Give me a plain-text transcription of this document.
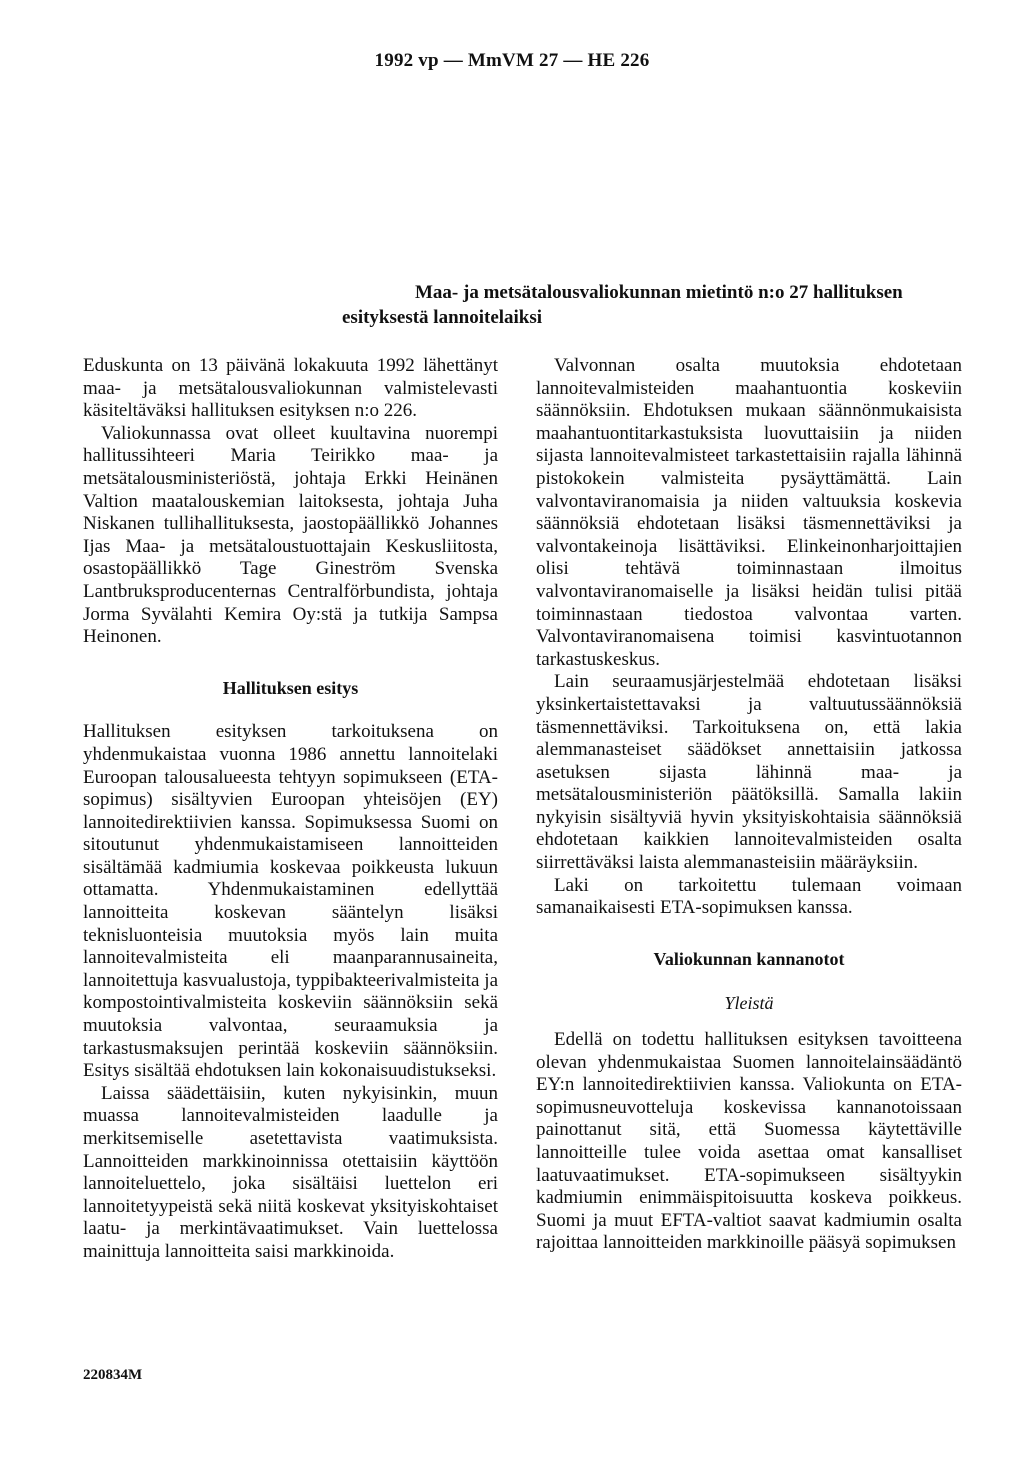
1992 vp — MmVM 27 — HE 226
Maa- ja metsätalousvaliokunnan mietintö n:o 27 hallituksen
esityksestä lannoitelaiksi

Eduskunta on 13 päivänä lokakuuta 1992 lähettänyt maa- ja metsätalousvaliokunnan valmistelevasti käsiteltäväksi hallituksen esityksen n:o 226.

Valiokunnassa ovat olleet kuultavina nuorempi hallitussihteeri Maria Teirikko maa- ja metsätalousministeriöstä, johtaja Erkki Heinänen Valtion maatalouskemian laitoksesta, johtaja Juha Niskanen tullihallituksesta, jaostopäällikkö Johannes Ijas Maa- ja metsätaloustuottajain Keskusliitosta, osastopäällikkö Tage Gineström Svenska Lantbruksproducenternas Centralförbundista, johtaja Jorma Syvälahti Kemira Oy:stä ja tutkija Sampsa Heinonen.

Hallituksen esitys

Hallituksen esityksen tarkoituksena on yhdenmukaistaa vuonna 1986 annettu lannoitelaki Euroopan talousalueesta tehtyyn sopimukseen (ETA-sopimus) sisältyvien Euroopan yhteisöjen (EY) lannoitedirektiivien kanssa. Sopimuksessa Suomi on sitoutunut yhdenmukaistamiseen lannoitteiden sisältämää kadmiumia koskevaa poikkeusta lukuun ottamatta. Yhdenmukaistaminen edellyttää lannoitteita koskevan sääntelyn lisäksi teknisluonteisia muutoksia myös lain muita lannoitevalmisteita eli maanparannusaineita, lannoitettuja kasvualustoja, typpibakteerivalmisteita ja kompostointivalmisteita koskeviin säännöksiin sekä muutoksia valvontaa, seuraamuksia ja tarkastusmaksujen perintää koskeviin säännöksiin. Esitys sisältää ehdotuksen lain kokonaisuudistukseksi.

Laissa säädettäisiin, kuten nykyisinkin, muun muassa lannoitevalmisteiden laadulle ja merkitsemiselle asetettavista vaatimuksista. Lannoitteiden markkinoinnissa otettaisiin käyttöön lannoiteluettelo, joka sisältäisi luettelon eri lannoitetyypeistä sekä niitä koskevat yksityiskohtaiset laatu- ja merkintävaatimukset. Vain luettelossa mainittuja lannoitteita saisi markkinoida.

Valvonnan osalta muutoksia ehdotetaan lannoitevalmisteiden maahantuontia koskeviin säännöksiin. Ehdotuksen mukaan säännönmukaisista maahantuontitarkastuksista luovuttaisiin ja niiden sijasta lannoitevalmisteet tarkastettaisiin rajalla lähinnä pistokokein valmisteita pysäyttämättä. Lain valvontaviranomaisia ja niiden valtuuksia koskevia säännöksiä ehdotetaan lisäksi täsmennettäviksi ja valvontakeinoja lisättäviksi. Elinkeinonharjoittajien olisi tehtävä toiminnastaan ilmoitus valvontaviranomaiselle ja lisäksi heidän tulisi pitää toiminnastaan tiedostoa valvontaa varten. Valvontaviranomaisena toimisi kasvintuotannon tarkastuskeskus.

Lain seuraamusjärjestelmää ehdotetaan lisäksi yksinkertaistettavaksi ja valtuutussäännöksiä täsmennettäviksi. Tarkoituksena on, että lakia alemmanasteiset säädökset annettaisiin jatkossa asetuksen sijasta lähinnä maa- ja metsätalousministeriön päätöksillä. Samalla lakiin nykyisin sisältyviä hyvin yksityiskohtaisia säännöksiä ehdotetaan kaikkien lannoitevalmisteiden osalta siirrettäväksi laista alemmanasteisiin määräyksiin.

Laki on tarkoitettu tulemaan voimaan samanaikaisesti ETA-sopimuksen kanssa.

Valiokunnan kannanotot
Yleistä

Edellä on todettu hallituksen esityksen tavoitteena olevan yhdenmukaistaa Suomen lannoitelainsäädäntö EY:n lannoitedirektiivien kanssa. Valiokunta on ETA-sopimusneuvotteluja koskevissa kannanotoissaan painottanut sitä, että Suomessa käytettäville lannoitteille tulee voida asettaa omat kansalliset laatuvaatimukset. ETA-sopimukseen sisältyykin kadmiumin enimmäispitoisuutta koskeva poikkeus. Suomi ja muut EFTA-valtiot saavat kadmiumin osalta rajoittaa lannoitteiden markkinoille pääsyä sopimuksen

220834M
